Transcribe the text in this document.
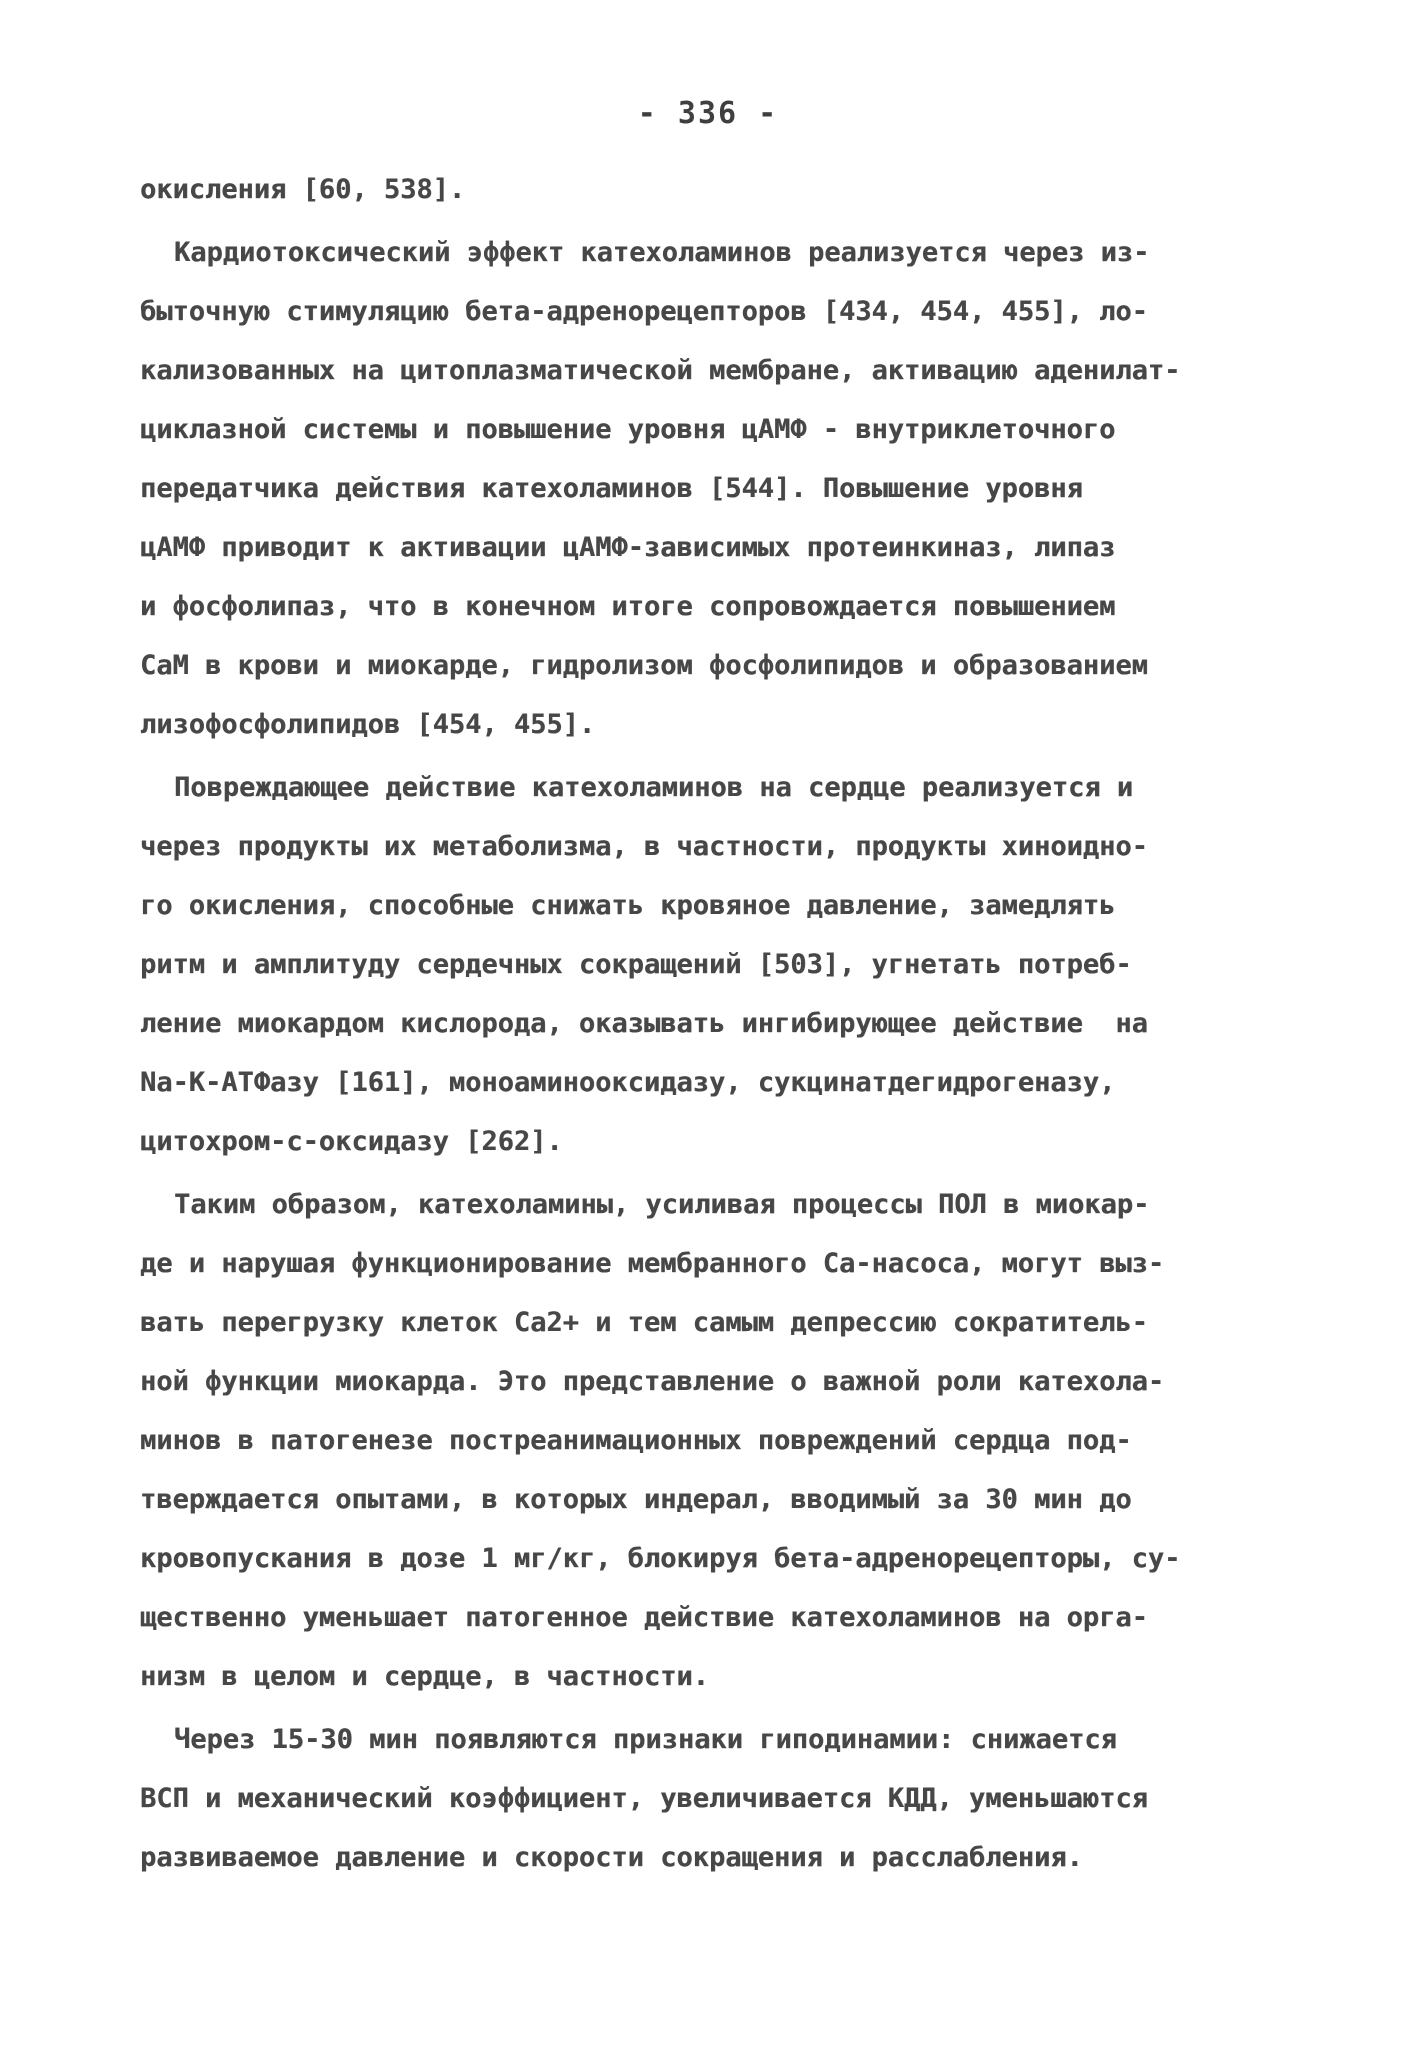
- 336 -
окисления [60, 538].
Кардиотоксический эффект катехоламинов реализуется через из-
быточную стимуляцию бета-адренорецепторов [434, 454, 455], ло-
кализованных на цитоплазматической мембране, активацию аденилат-
циклазной системы и повышение уровня цАМФ - внутриклеточного
передатчика действия катехоламинов [544]. Повышение уровня
цАМФ приводит к активации цАМФ-зависимых протеинкиназ, липаз
и фосфолипаз, что в конечном итоге сопровождается повышением
СаМ в крови и миокарде, гидролизом фосфолипидов и образованием
лизофосфолипидов [454, 455].
Повреждающее действие катехоламинов на сердце реализуется и
через продукты их метаболизма, в частности, продукты хиноидно-
го окисления, способные снижать кровяное давление, замедлять
ритм и амплитуду сердечных сокращений [503], угнетать потреб-
ление миокардом кислорода, оказывать ингибирующее действие  на
Na-K-АТФазу [161], моноаминооксидазу, сукцинатдегидрогеназу,
цитохром-с-оксидазу [262].
Таким образом, катехоламины, усиливая процессы ПОЛ в миокар-
де и нарушая функционирование мембранного Са-насоса, могут выз-
вать перегрузку клеток Ca2+ и тем самым депрессию сократитель-
ной функции миокарда. Это представление о важной роли катехола-
минов в патогенезе постреанимационных повреждений сердца под-
тверждается опытами, в которых индерал, вводимый за 30 мин до
кровопускания в дозе 1 мг/кг, блокируя бета-адренорецепторы, су-
щественно уменьшает патогенное действие катехоламинов на орга-
низм в целом и сердце, в частности.
Через 15-30 мин появляются признаки гиподинамии: снижается
ВСП и механический коэффициент, увеличивается КДД, уменьшаются
развиваемое давление и скорости сокращения и расслабления.
